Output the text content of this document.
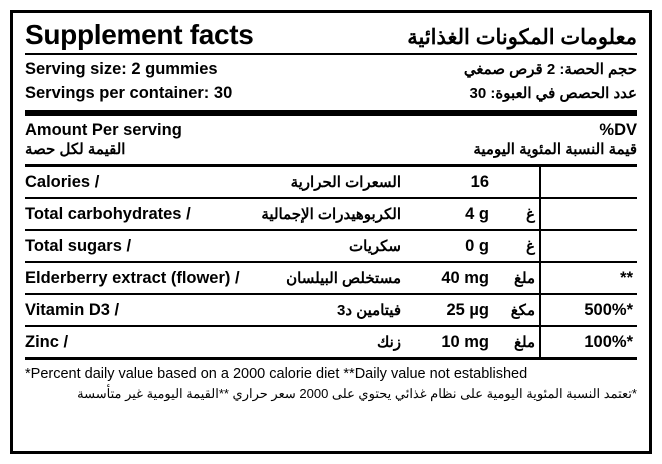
Supplement facts	معلومات المكونات الغذائية
Serving size: 2 gummies	حجم الحصة: 2 قرص صمغي
Servings per container: 30	عدد الحصص في العبوة: 30
Amount Per serving	%DV
القيمة لكل حصة	قيمة النسبة المئوية اليومية
Calories /	السعرات الحرارية	16
Total carbohydrates /	الكربوهيدرات الإجمالية	4 g	غ
Total sugars /	سكريات	0 g	غ
Elderberry extract (flower) /	مستخلص البيلسان	40 mg	ملغ	**
Vitamin D3 /	فيتامين د3	25 µg	مكغ	500%*
Zinc /	زنك	10 mg	ملغ	100%*
*Percent daily value based on a 2000 calorie diet **Daily value not established
*تعتمد النسبة المئوية اليومية على نظام غذائي يحتوي على 2000 سعر حراري **القيمة اليومية غير متأسسة
